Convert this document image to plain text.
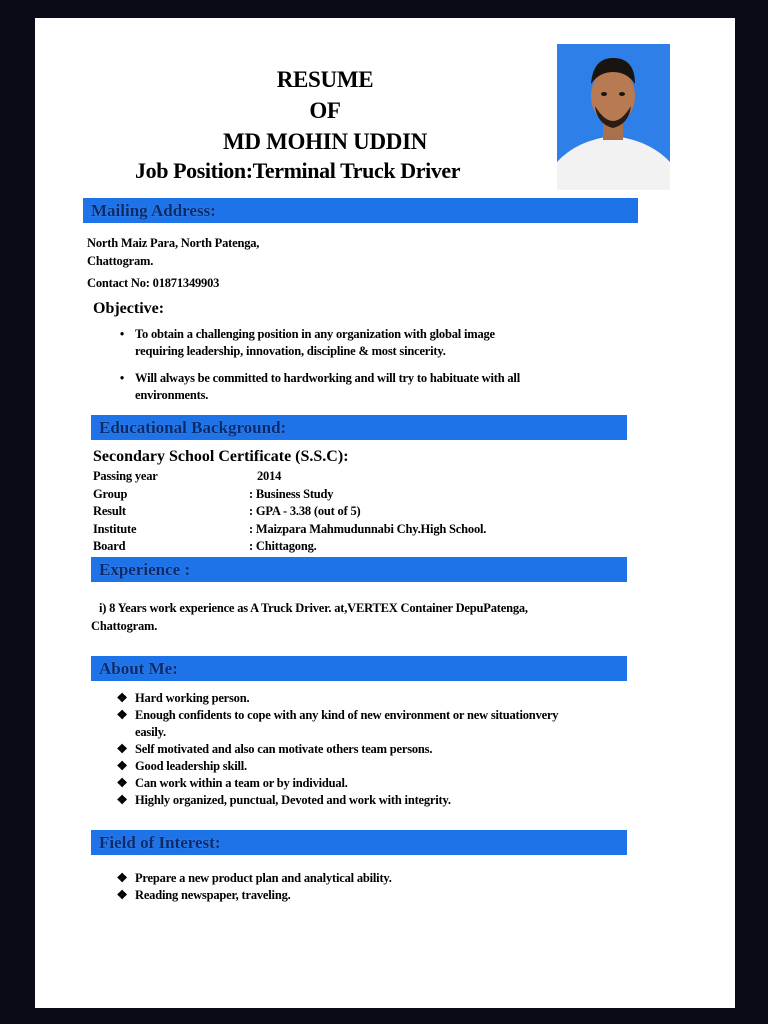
RESUME
OF
MD MOHIN UDDIN
Job Position:Terminal Truck Driver
Mailing Address:
North Maiz Para, North Patenga,
Chattogram.
Contact No: 01871349903
Objective:
• To obtain a challenging position in any organization with global image
requiring leadership, innovation, discipline & most sincerity.
• Will always be committed to hardworking and will try to habituate with all
environments.
Educational Background:
Secondary School Certificate (S.S.C):
Passing year	2014
Group	: Business Study
Result	: GPA - 3.38 (out of 5)
Institute	: Maizpara Mahmudunnabi Chy.High School.
Board	: Chittagong.
Experience :
i) 8 Years work experience as A Truck Driver. at,VERTEX Container DepuPatenga,
Chattogram.
About Me:
❖ Hard working person.
❖ Enough confidents to cope with any kind of new environment or new situationvery
easily.
❖ Self motivated and also can motivate others team persons.
❖ Good leadership skill.
❖ Can work within a team or by individual.
❖ Highly organized, punctual, Devoted and work with integrity.
Field of Interest:
❖ Prepare a new product plan and analytical ability.
❖ Reading newspaper, traveling.
